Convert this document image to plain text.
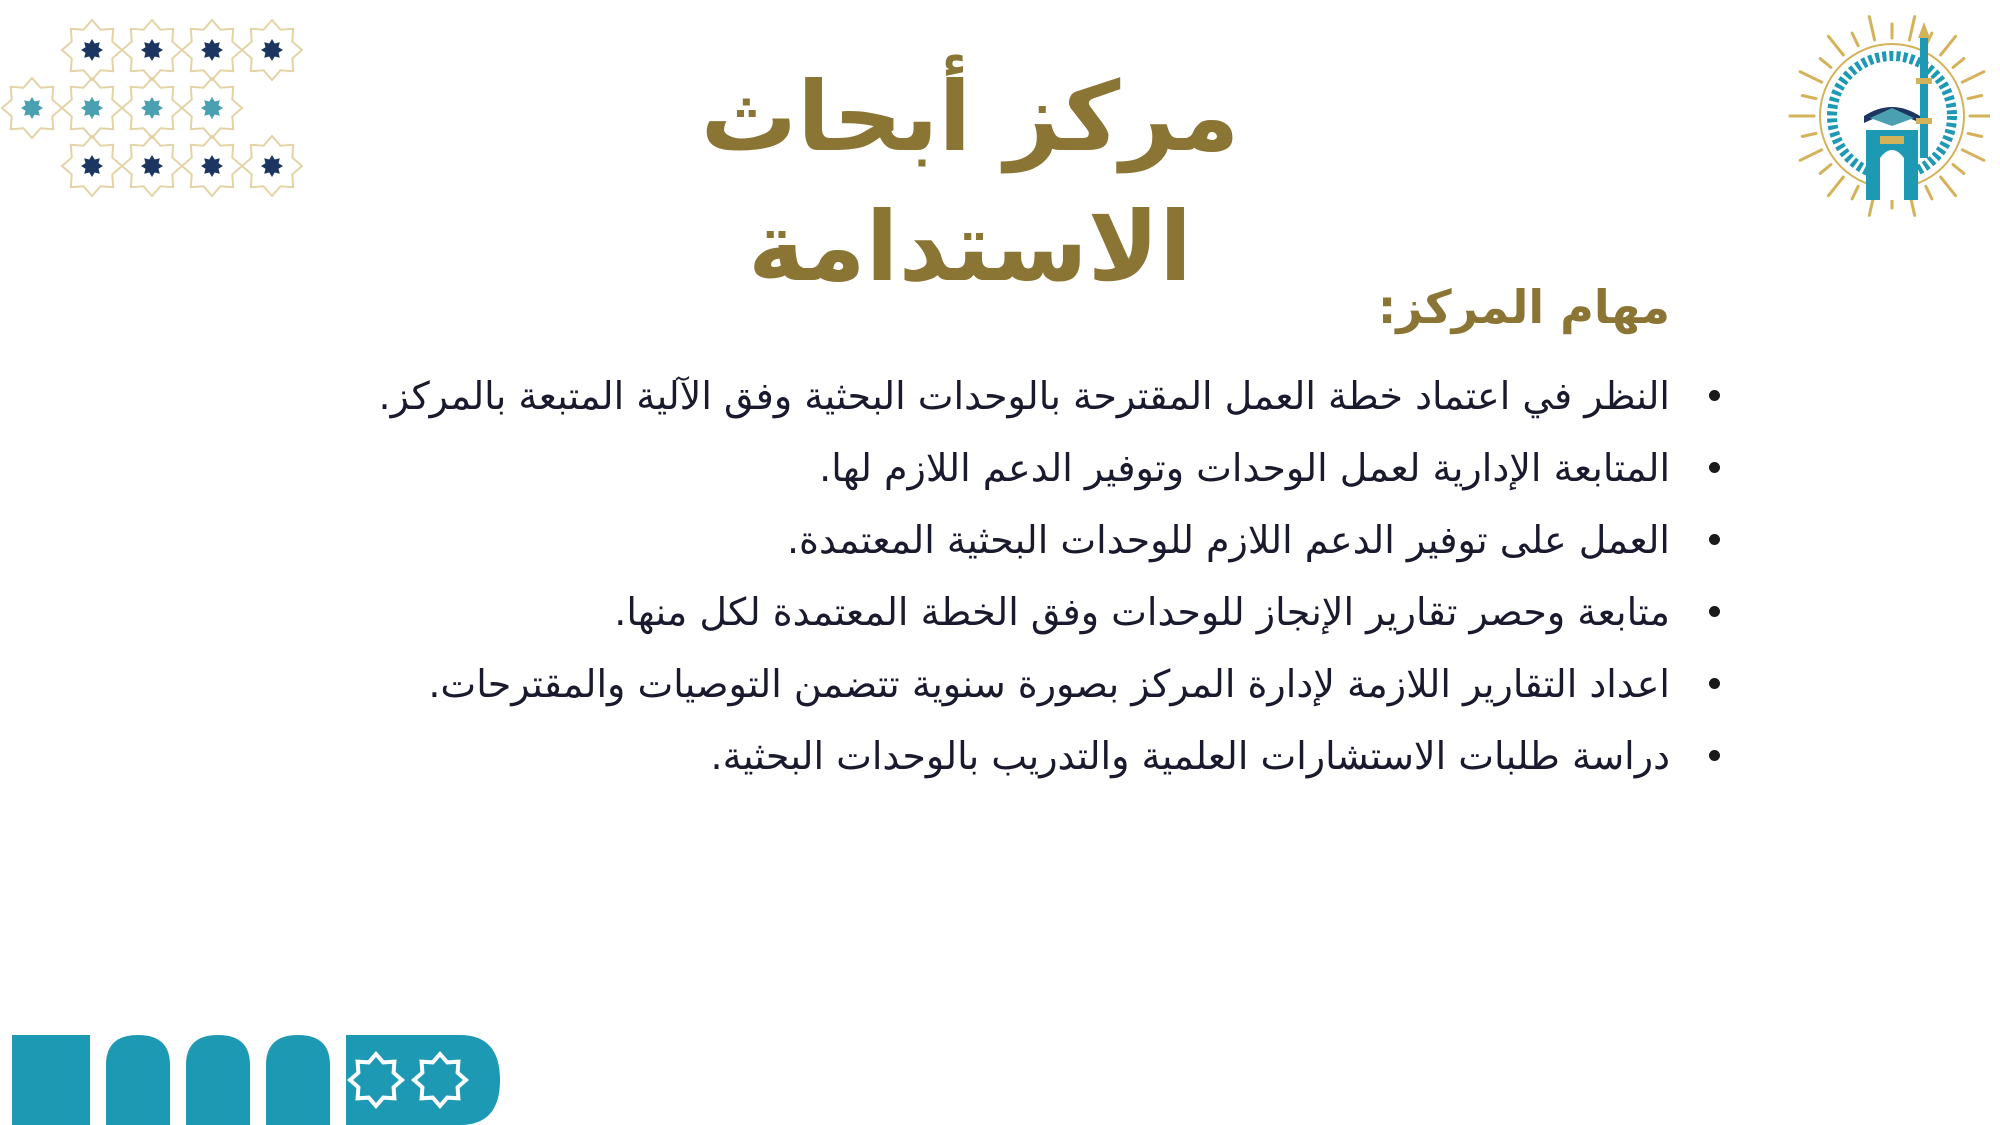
مركز أبحاث الاستدامة
مهام المركز:
النظر في اعتماد خطة العمل المقترحة بالوحدات البحثية وفق الآلية المتبعة بالمركز.
المتابعة الإدارية لعمل الوحدات وتوفير الدعم اللازم لها.
العمل على توفير الدعم اللازم للوحدات البحثية المعتمدة.
متابعة وحصر تقارير الإنجاز للوحدات وفق الخطة المعتمدة لكل منها.
اعداد التقارير اللازمة لإدارة المركز بصورة سنوية تتضمن التوصيات والمقترحات.
دراسة طلبات الاستشارات العلمية والتدريب بالوحدات البحثية.
